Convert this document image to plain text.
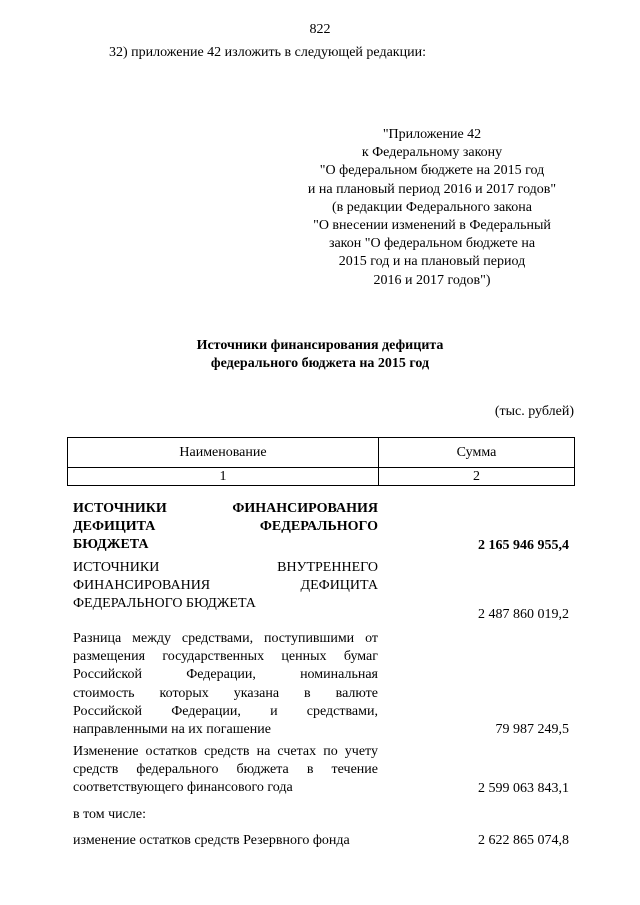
822
32) приложение 42 изложить в следующей редакции:
"Приложение 42
к Федеральному закону
"О федеральном бюджете на 2015 год
и на плановый период 2016 и 2017 годов"
(в редакции Федерального закона
"О внесении изменений в Федеральный
закон "О федеральном бюджете на
2015 год и на плановый период
2016 и 2017 годов")
Источники финансирования дефицита
федерального бюджета на 2015 год
(тыс. рублей)
Наименование	Сумма
1	2
ИСТОЧНИКИ ФИНАНСИРОВАНИЯ
ДЕФИЦИТА ФЕДЕРАЛЬНОГО
БЮДЖЕТА	2 165 946 955,4
ИСТОЧНИКИ ВНУТРЕННЕГО
ФИНАНСИРОВАНИЯ ДЕФИЦИТА
ФЕДЕРАЛЬНОГО БЮДЖЕТА
2 487 860 019,2
Разница между средствами, поступившими от
размещения государственных ценных бумаг
Российской Федерации, номинальная
стоимость которых указана в валюте
Российской Федерации, и средствами,
направленными на их погашение	79 987 249,5
Изменение остатков средств на счетах по учету
средств федерального бюджета в течение
соответствующего финансового года	2 599 063 843,1
в том числе:
изменение остатков средств Резервного фонда	2 622 865 074,8
